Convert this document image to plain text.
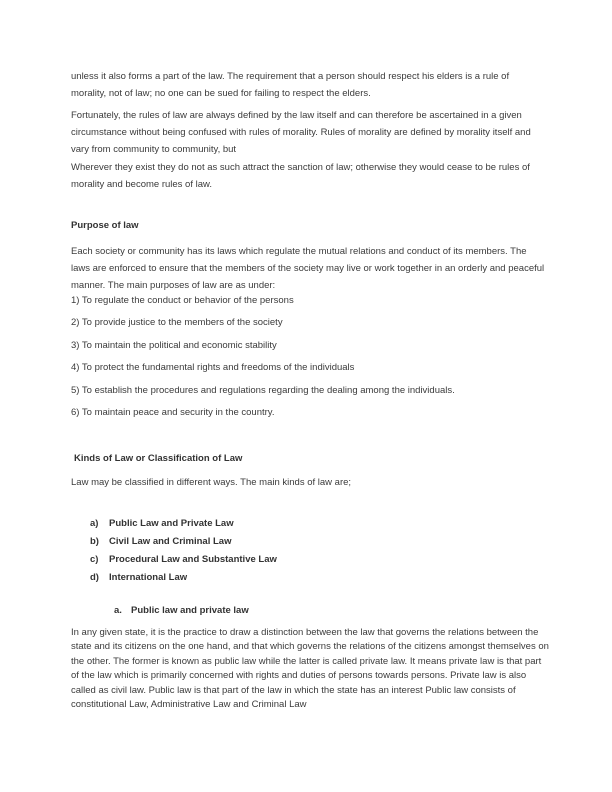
unless it also forms a part of the law. The requirement that a person should respect his elders is a rule of morality, not of law; no one can be sued for failing to respect the elders.

Fortunately, the rules of law are always defined by the law itself and can therefore be ascertained in a given circumstance without being confused with rules of morality. Rules of morality are defined by morality itself and vary from community to community, but

Wherever they exist they do not as such attract the sanction of law; otherwise they would cease to be rules of morality and become rules of law.

Purpose of law

Each society or community has its laws which regulate the mutual relations and conduct of its members. The laws are enforced to ensure that the members of the society may live or work together in an orderly and peaceful manner. The main purposes of law are as under:

1) To regulate the conduct or behavior of the persons
2) To provide justice to the members of the society
3) To maintain the political and economic stability
4) To protect the fundamental rights and freedoms of the individuals
5) To establish the procedures and regulations regarding the dealing among the individuals.
6) To maintain peace and security in the country.
Kinds of Law or Classification of Law

Law may be classified in different ways. The main kinds of law are;

a)	Public Law and Private Law
b)	Civil Law and Criminal Law
c)	Procedural Law and Substantive Law
d)	International Law
a. Public law and private law

In any given state, it is the practice to draw a distinction between the law that governs the relations between the state and its citizens on the one hand, and that which governs the relations of the citizens amongst themselves on the other. The former is known as public law while the latter is called private law. It means private law is that part of the law which is primarily concerned with rights and duties of persons towards persons. Private law is also called as civil law. Public law is that part of the law in which the state has an interest Public law consists of constitutional Law, Administrative Law and Criminal Law
